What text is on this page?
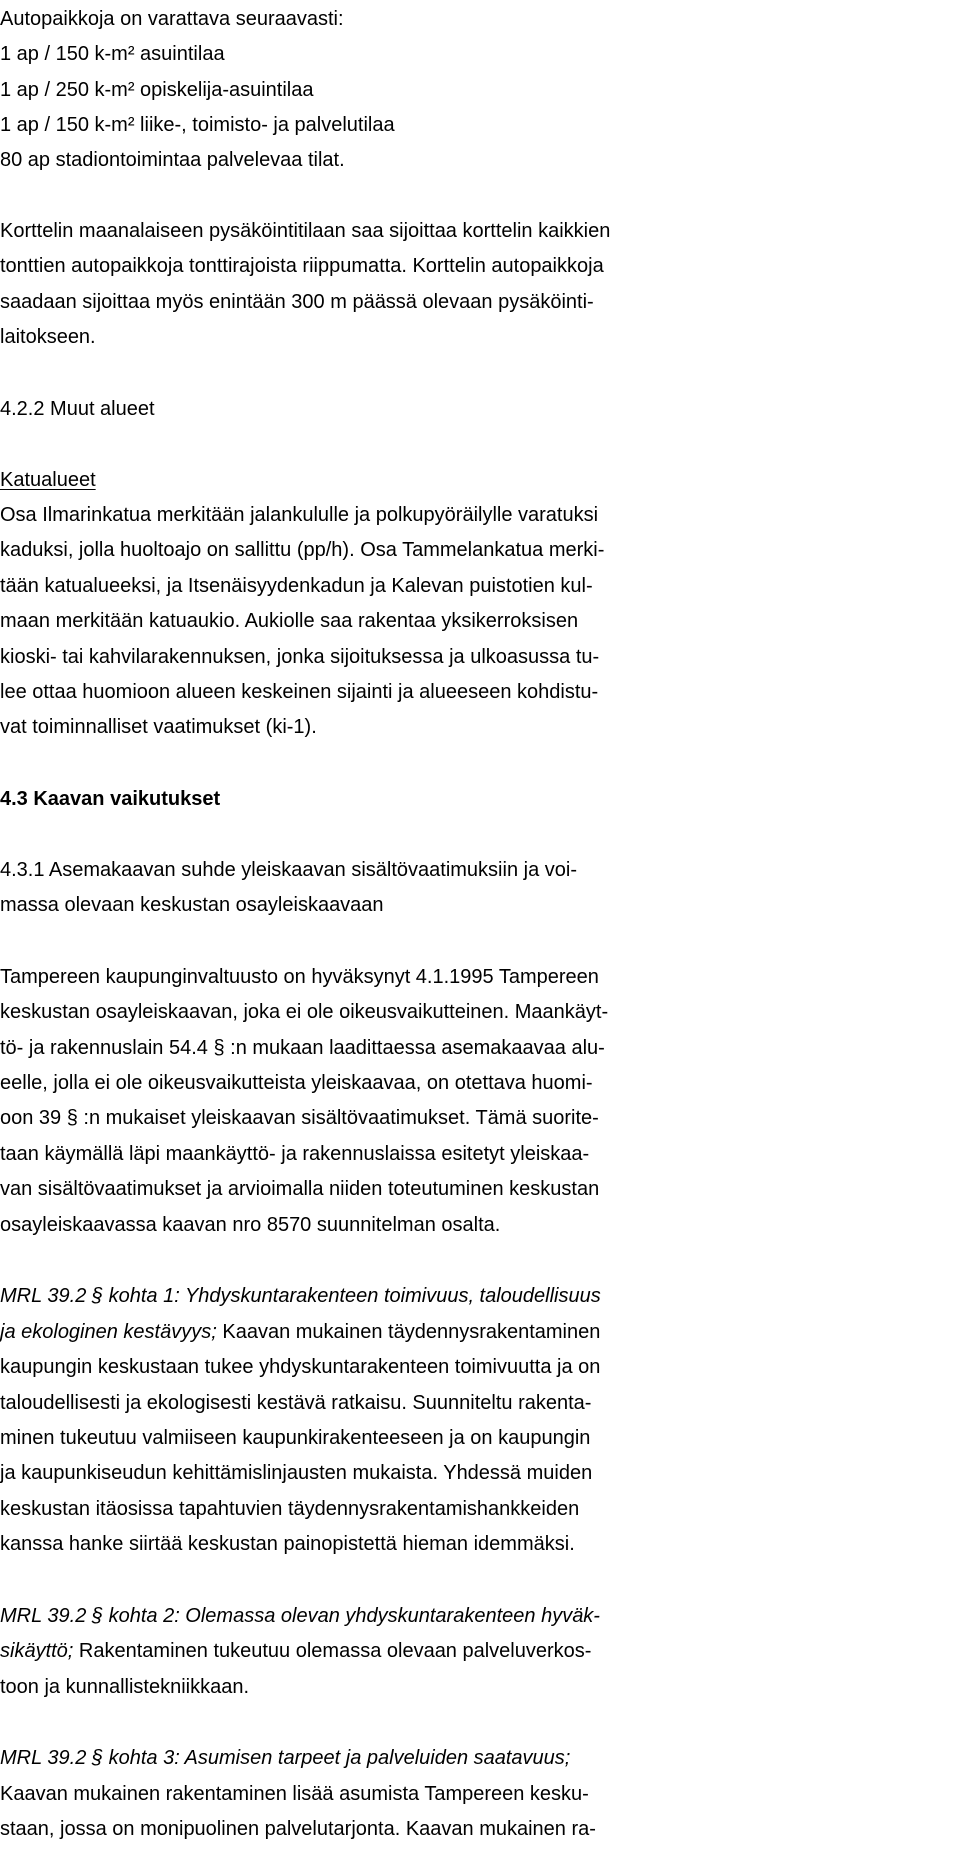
Autopaikkoja on varattava seuraavasti:
1 ap / 150 k-m² asuintilaa
1 ap / 250 k-m² opiskelija-asuintilaa
1 ap / 150 k-m² liike-, toimisto- ja palvelutilaa
80 ap stadiontoimintaa palvelevaa tilat.
Korttelin maanalaiseen pysäköintitilaan saa sijoittaa korttelin kaikkien
tonttien autopaikkoja tonttirajoista riippumatta. Korttelin autopaikkoja
saadaan sijoittaa myös enintään 300 m päässä olevaan pysäköinti-
laitokseen.
4.2.2 Muut alueet
Katualueet
Osa Ilmarinkatua merkitään jalankululle ja polkupyöräilylle varatuksi
kaduksi, jolla huoltoajo on sallittu (pp/h). Osa Tammelankatua merki-
tään katualueeksi, ja Itsenäisyydenkadun ja Kalevan puistotien kul-
maan merkitään katuaukio. Aukiolle saa rakentaa yksikerroksisen
kioski- tai kahvilarakennuksen, jonka sijoituksessa ja ulkoasussa tu-
lee ottaa huomioon alueen keskeinen sijainti ja alueeseen kohdistu-
vat toiminnalliset vaatimukset (ki-1).
4.3 Kaavan vaikutukset
4.3.1 Asemakaavan suhde yleiskaavan sisältövaatimuksiin ja voi-
massa olevaan keskustan osayleiskaavaan
Tampereen kaupunginvaltuusto on hyväksynyt 4.1.1995 Tampereen
keskustan osayleiskaavan, joka ei ole oikeusvaikutteinen. Maankäyt-
tö- ja rakennuslain 54.4 § :n mukaan laadittaessa asemakaavaa alu-
eelle, jolla ei ole oikeusvaikutteista yleiskaavaa, on otettava huomi-
oon 39 § :n mukaiset yleiskaavan sisältövaatimukset. Tämä suorite-
taan käymällä läpi maankäyttö- ja rakennuslaissa esitetyt yleiskaa-
van sisältövaatimukset ja arvioimalla niiden toteutuminen keskustan
osayleiskaavassa kaavan nro 8570 suunnitelman osalta.
MRL 39.2 § kohta 1: Yhdyskuntarakenteen toimivuus, taloudellisuus
ja ekologinen kestävyys; Kaavan mukainen täydennysrakentaminen
kaupungin keskustaan tukee yhdyskuntarakenteen toimivuutta ja on
taloudellisesti ja ekologisesti kestävä ratkaisu. Suunniteltu rakenta-
minen tukeutuu valmiiseen kaupunkirakenteeseen ja on kaupungin
ja kaupunkiseudun kehittämislinjausten mukaista. Yhdessä muiden
keskustan itäosissa tapahtuvien täydennysrakentamishankkeiden
kanssa hanke siirtää keskustan painopistettä hieman idemmäksi.
MRL 39.2 § kohta 2: Olemassa olevan yhdyskuntarakenteen hyväk-
sikäyttö; Rakentaminen tukeutuu olemassa olevaan palveluverkos-
toon ja kunnallistekniikkaan.
MRL 39.2 § kohta 3: Asumisen tarpeet ja palveluiden saatavuus;
Kaavan mukainen rakentaminen lisää asumista Tampereen kesku-
staan, jossa on monipuolinen palvelutarjonta. Kaavan mukainen ra-
